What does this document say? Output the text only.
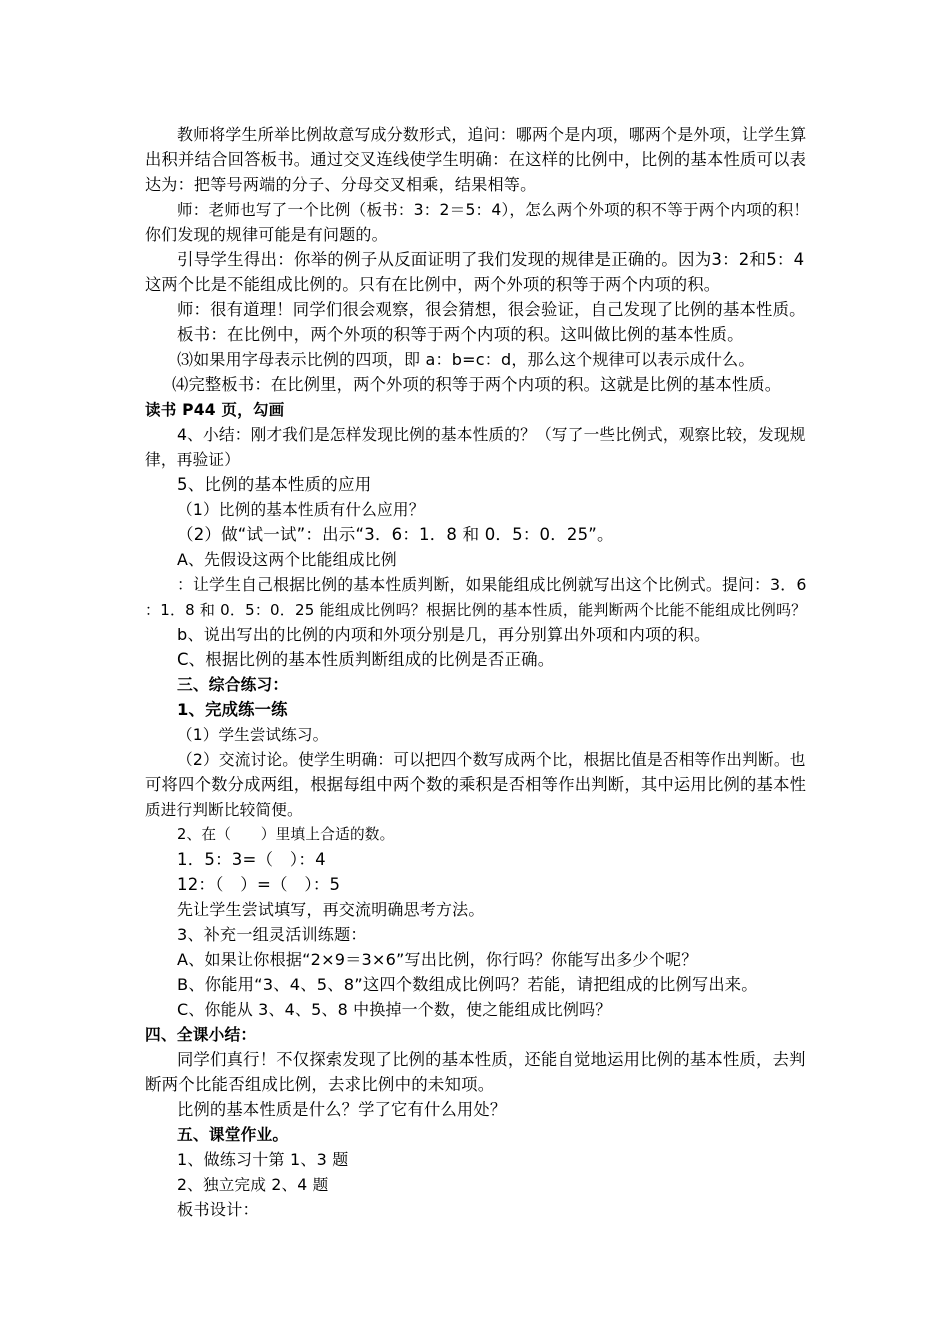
教师将学生所举比例故意写成分数形式，追问：哪两个是内项，哪两个是外项，让学生算
出积并结合回答板书。通过交叉连线使学生明确：在这样的比例中，比例的基本性质可以表
达为：把等号两端的分子、分母交叉相乘，结果相等。
师：老师也写了一个比例（板书：3：2＝5：4），怎么两个外项的积不等于两个内项的积！
你们发现的规律可能是有问题的。
引导学生得出：你举的例子从反面证明了我们发现的规律是正确的。因为3：2和5：4
这两个比是不能组成比例的。只有在比例中，两个外项的积等于两个内项的积。
师：很有道理！同学们很会观察，很会猜想，很会验证，自己发现了比例的基本性质。
板书：在比例中，两个外项的积等于两个内项的积。这叫做比例的基本性质。
⑶如果用字母表示比例的四项，即 a：b=c：d，那么这个规律可以表示成什么。
⑷完整板书：在比例里，两个外项的积等于两个内项的积。这就是比例的基本性质。
读书 P44 页，勾画
4、小结：刚才我们是怎样发现比例的基本性质的？（写了一些比例式，观察比较，发现规
律，再验证）
5、比例的基本性质的应用
（1）比例的基本性质有什么应用？
（2）做“试一试”：出示“3．6：1．8 和 0．5：0．25”。
A、先假设这两个比能组成比例
：让学生自己根据比例的基本性质判断，如果能组成比例就写出这个比例式。提问：3．6
：1．8 和 0．5：0．25 能组成比例吗？根据比例的基本性质，能判断两个比能不能组成比例吗？
b、说出写出的比例的内项和外项分别是几，再分别算出外项和内项的积。
C、根据比例的基本性质判断组成的比例是否正确。
三、综合练习：
1、完成练一练
（1）学生尝试练习。
（2）交流讨论。使学生明确：可以把四个数写成两个比，根据比值是否相等作出判断。也
可将四个数分成两组，根据每组中两个数的乘积是否相等作出判断，其中运用比例的基本性
质进行判断比较简便。
2、在（　　）里填上合适的数。
1．5：3=（　）：4
12：（　）=（　）：5
先让学生尝试填写，再交流明确思考方法。
3、补充一组灵活训练题：
A、如果让你根据“2×9＝3×6”写出比例，你行吗？你能写出多少个呢？
B、你能用“3、4、5、8”这四个数组成比例吗？若能，请把组成的比例写出来。
C、你能从 3、4、5、8 中换掉一个数，使之能组成比例吗？
四、全课小结：
同学们真行！不仅探索发现了比例的基本性质，还能自觉地运用比例的基本性质，去判
断两个比能否组成比例，去求比例中的未知项。
比例的基本性质是什么？学了它有什么用处？
五、课堂作业。
1、做练习十第 1、3 题
2、独立完成 2、4 题
板书设计：
